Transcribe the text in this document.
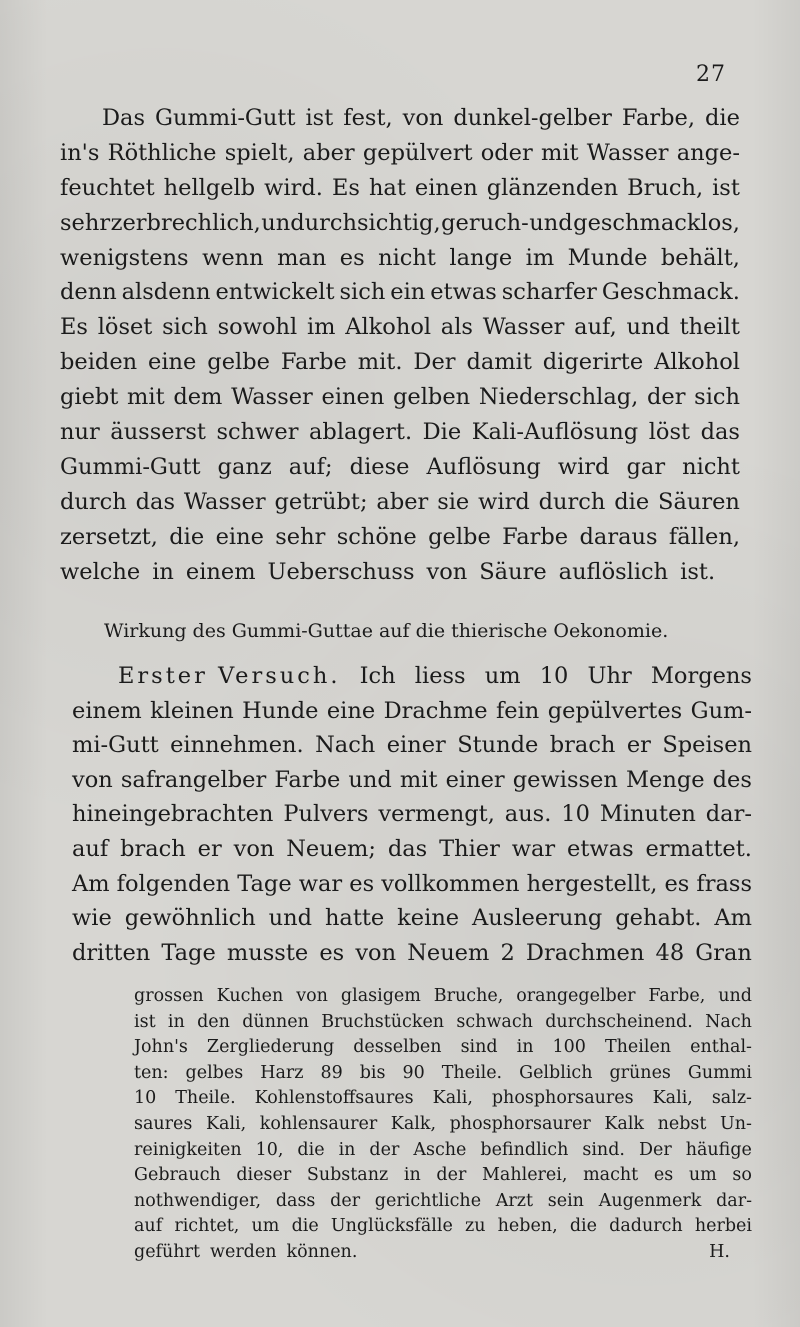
27
Das Gummi-Gutt ist fest, von dunkel-gelber Farbe, die
in's Röthliche spielt, aber gepülvert oder mit Wasser ange-
feuchtet hellgelb wird. Es hat einen glänzenden Bruch, ist
sehr zerbrechlich, undurchsichtig, geruch- und geschmacklos,
wenigstens wenn man es nicht lange im Munde behält,
denn alsdenn entwickelt sich ein etwas scharfer Geschmack.
Es löset sich sowohl im Alkohol als Wasser auf, und theilt
beiden eine gelbe Farbe mit. Der damit digerirte Alkohol
giebt mit dem Wasser einen gelben Niederschlag, der sich
nur äusserst schwer ablagert. Die Kali-Auflösung löst das
Gummi-Gutt ganz auf; diese Auflösung wird gar nicht
durch das Wasser getrübt; aber sie wird durch die Säuren
zersetzt, die eine sehr schöne gelbe Farbe daraus fällen,
welche in einem Ueberschuss von Säure auflöslich ist.
Wirkung des Gummi-Guttae auf die thierische Oekonomie.
Erster Versuch. Ich liess um 10 Uhr Morgens
einem kleinen Hunde eine Drachme fein gepülvertes Gum-
mi-Gutt einnehmen. Nach einer Stunde brach er Speisen
von safrangelber Farbe und mit einer gewissen Menge des
hineingebrachten Pulvers vermengt, aus. 10 Minuten dar-
auf brach er von Neuem; das Thier war etwas ermattet.
Am folgenden Tage war es vollkommen hergestellt, es frass
wie gewöhnlich und hatte keine Ausleerung gehabt. Am
dritten Tage musste es von Neuem 2 Drachmen 48 Gran
grossen Kuchen von glasigem Bruche, orangegelber Farbe, und
ist in den dünnen Bruchstücken schwach durchscheinend. Nach
John's Zergliederung desselben sind in 100 Theilen enthal-
ten: gelbes Harz 89 bis 90 Theile. Gelblich grünes Gummi
10 Theile. Kohlenstoffsaures Kali, phosphorsaures Kali, salz-
saures Kali, kohlensaurer Kalk, phosphorsaurer Kalk nebst Un-
reinigkeiten 10, die in der Asche befindlich sind. Der häufige
Gebrauch dieser Substanz in der Mahlerei, macht es um so
nothwendiger, dass der gerichtliche Arzt sein Augenmerk dar-
auf richtet, um die Unglücksfälle zu heben, die dadurch herbei
geführt werden können.	H.
